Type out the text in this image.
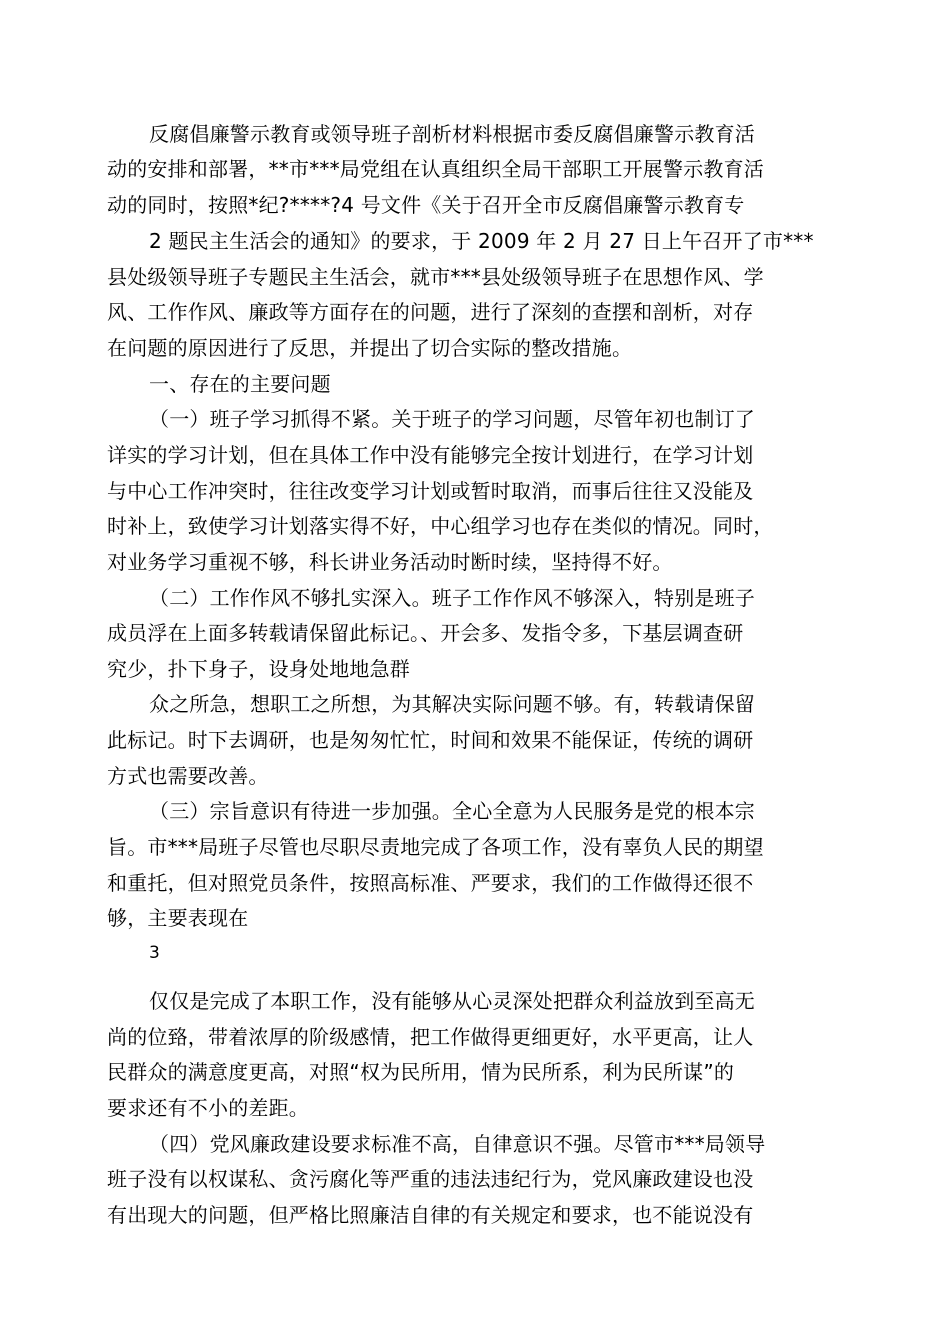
反腐倡廉警示教育或领导班子剖析材料根据市委反腐倡廉警示教育活

动的安排和部署，**市***局党组在认真组织全局干部职工开展警示教育活

动的同时，按照*纪?****?4 号文件《关于召开全市反腐倡廉警示教育专

2 题民主生活会的通知》的要求，于 2009 年 2 月 27 日上午召开了市***

县处级领导班子专题民主生活会，就市***县处级领导班子在思想作风、学

风、工作作风、廉政等方面存在的问题，进行了深刻的查摆和剖析，对存

在问题的原因进行了反思，并提出了切合实际的整改措施。

一、存在的主要问题

（一）班子学习抓得不紧。关于班子的学习问题，尽管年初也制订了

详实的学习计划，但在具体工作中没有能够完全按计划进行，在学习计划

与中心工作冲突时，往往改变学习计划或暂时取消，而事后往往又没能及

时补上，致使学习计划落实得不好，中心组学习也存在类似的情况。同时，

对业务学习重视不够，科长讲业务活动时断时续，坚持得不好。

（二）工作作风不够扎实深入。班子工作作风不够深入，特别是班子

成员浮在上面多转载请保留此标记。、开会多、发指令多，下基层调查研

究少，扑下身子，设身处地地急群

众之所急，想职工之所想，为其解决实际问题不够。有，转载请保留

此标记。时下去调研，也是匆匆忙忙，时间和效果不能保证，传统的调研

方式也需要改善。

（三）宗旨意识有待进一步加强。全心全意为人民服务是党的根本宗

旨。市***局班子尽管也尽职尽责地完成了各项工作，没有辜负人民的期望

和重托，但对照党员条件，按照高标准、严要求，我们的工作做得还很不

够，主要表现在

3

仅仅是完成了本职工作，没有能够从心灵深处把群众利益放到至高无

尚的位臵，带着浓厚的阶级感情，把工作做得更细更好，水平更高，让人

民群众的满意度更高，对照“权为民所用，情为民所系，利为民所谋”的

要求还有不小的差距。

（四）党风廉政建设要求标准不高，自律意识不强。尽管市***局领导

班子没有以权谋私、贪污腐化等严重的违法违纪行为，党风廉政建设也没

有出现大的问题，但严格比照廉洁自律的有关规定和要求，也不能说没有
